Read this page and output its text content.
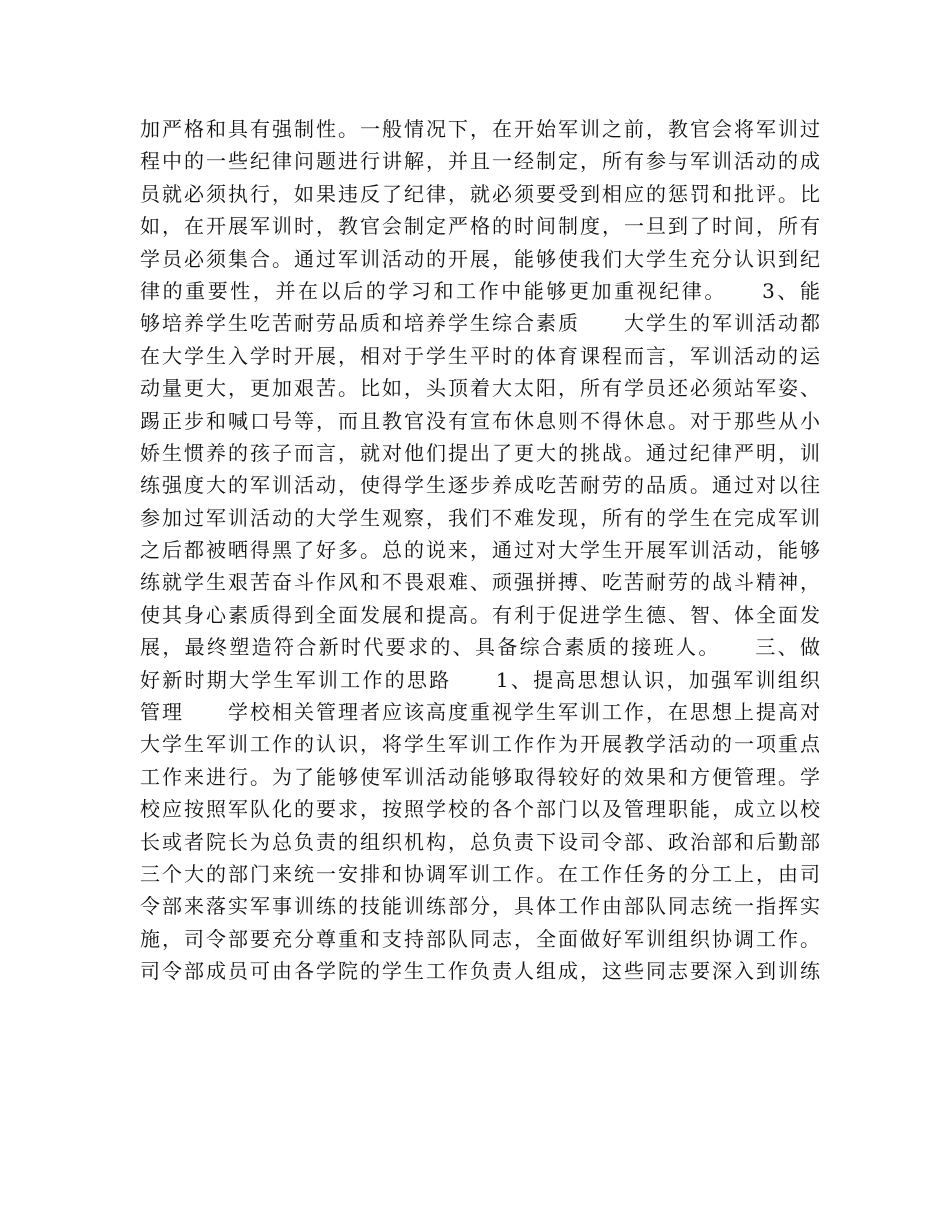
加严格和具有强制性。一般情况下，在开始军训之前，教官会将军训过
程中的一些纪律问题进行讲解，并且一经制定，所有参与军训活动的成
员就必须执行，如果违反了纪律，就必须要受到相应的惩罚和批评。比
如，在开展军训时，教官会制定严格的时间制度，一旦到了时间，所有
学员必须集合。通过军训活动的开展，能够使我们大学生充分认识到纪
律的重要性，并在以后的学习和工作中能够更加重视纪律。　　3、能
够培养学生吃苦耐劳品质和培养学生综合素质　　大学生的军训活动都
在大学生入学时开展，相对于学生平时的体育课程而言，军训活动的运
动量更大，更加艰苦。比如，头顶着大太阳，所有学员还必须站军姿、
踢正步和喊口号等，而且教官没有宣布休息则不得休息。对于那些从小
娇生惯养的孩子而言，就对他们提出了更大的挑战。通过纪律严明，训
练强度大的军训活动，使得学生逐步养成吃苦耐劳的品质。通过对以往
参加过军训活动的大学生观察，我们不难发现，所有的学生在完成军训
之后都被晒得黑了好多。总的说来，通过对大学生开展军训活动，能够
练就学生艰苦奋斗作风和不畏艰难、顽强拼搏、吃苦耐劳的战斗精神，
使其身心素质得到全面发展和提高。有利于促进学生德、智、体全面发
展，最终塑造符合新时代要求的、具备综合素质的接班人。　　三、做
好新时期大学生军训工作的思路　　1、提高思想认识，加强军训组织
管理　　学校相关管理者应该高度重视学生军训工作，在思想上提高对
大学生军训工作的认识，将学生军训工作作为开展教学活动的一项重点
工作来进行。为了能够使军训活动能够取得较好的效果和方便管理。学
校应按照军队化的要求，按照学校的各个部门以及管理职能，成立以校
长或者院长为总负责的组织机构，总负责下设司令部、政治部和后勤部
三个大的部门来统一安排和协调军训工作。在工作任务的分工上，由司
令部来落实军事训练的技能训练部分，具体工作由部队同志统一指挥实
施，司令部要充分尊重和支持部队同志，全面做好军训组织协调工作。
司令部成员可由各学院的学生工作负责人组成，这些同志要深入到训练
